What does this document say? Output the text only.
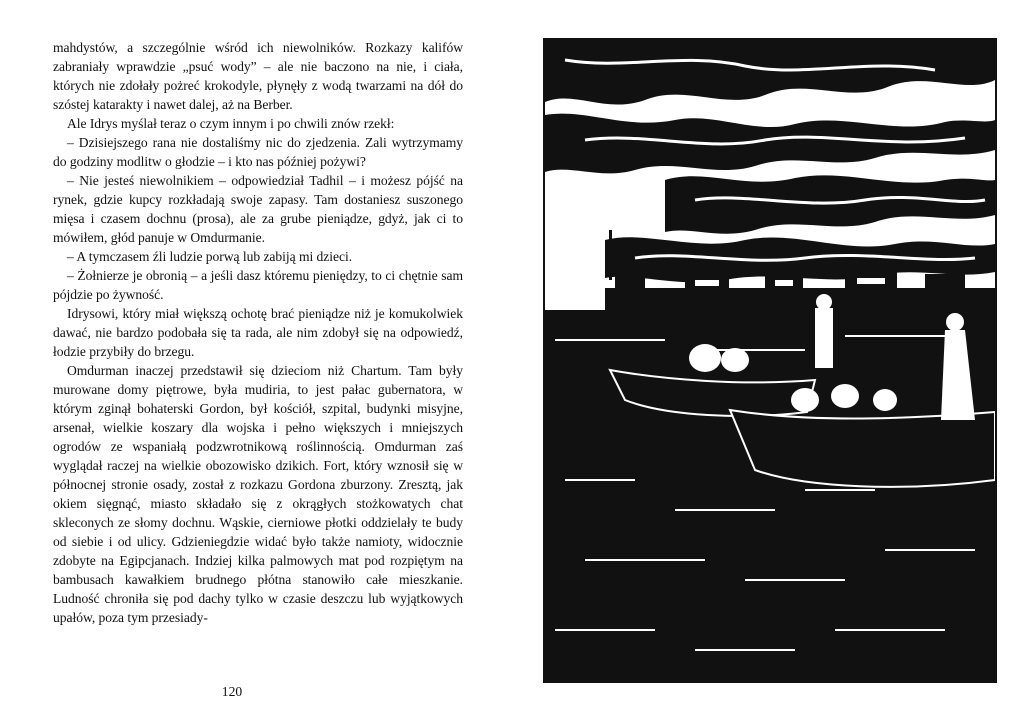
mahdystów, a szczególnie wśród ich niewolników. Rozkazy kalifów zabraniały wprawdzie „psuć wody” – ale nie baczono na nie, i ciała, których nie zdołały pożreć krokodyle, płynęły z wodą twarzami na dół do szóstej katarakty i nawet dalej, aż na Berber.

Ale Idrys myślał teraz o czym innym i po chwili znów rzekł:

– Dzisiejszego rana nie dostaliśmy nic do zjedzenia. Zali wytrzymamy do godziny modlitw o głodzie – i kto nas później pożywi?

– Nie jesteś niewolnikiem – odpowiedział Tadhil – i możesz pójść na rynek, gdzie kupcy rozkładają swoje zapasy. Tam dostaniesz suszonego mięsa i czasem dochnu (prosa), ale za grube pieniądze, gdyż, jak ci to mówiłem, głód panuje w Omdurmanie.

– A tymczasem źli ludzie porwą lub zabiją mi dzieci.

– Żołnierze je obronią – a jeśli dasz któremu pieniędzy, to ci chętnie sam pójdzie po żywność.

Idrysowi, który miał większą ochotę brać pieniądze niż je komukolwiek dawać, nie bardzo podobała się ta rada, ale nim zdobył się na odpowiedź, łodzie przybiły do brzegu.

Omdurman inaczej przedstawił się dzieciom niż Chartum. Tam były murowane domy piętrowe, była mudiria, to jest pałac gubernatora, w którym zginął bohaterski Gordon, był kościół, szpital, budynki misyjne, arsenał, wielkie koszary dla wojska i pełno większych i mniejszych ogrodów ze wspaniałą podzwrotnikową roślinnością. Omdurman zaś wyglądał raczej na wielkie obozowisko dzikich. Fort, który wznosił się w północnej stronie osady, został z rozkazu Gordona zburzony. Zresztą, jak okiem sięgnąć, miasto składało się z okrągłych stożkowatych chat skleconych ze słomy dochnu. Wąskie, cierniowe płotki oddzielały te budy od siebie i od ulicy. Gdzieniegdzie widać było także namioty, widocznie zdobyte na Egipcjanach. Indziej kilka palmowych mat pod rozpiętym na bambusach kawałkiem brudnego płótna stanowiło całe mieszkanie. Ludność chroniła się pod dachy tylko w czasie deszczu lub wyjątkowych upałów, poza tym przesiady-

120
